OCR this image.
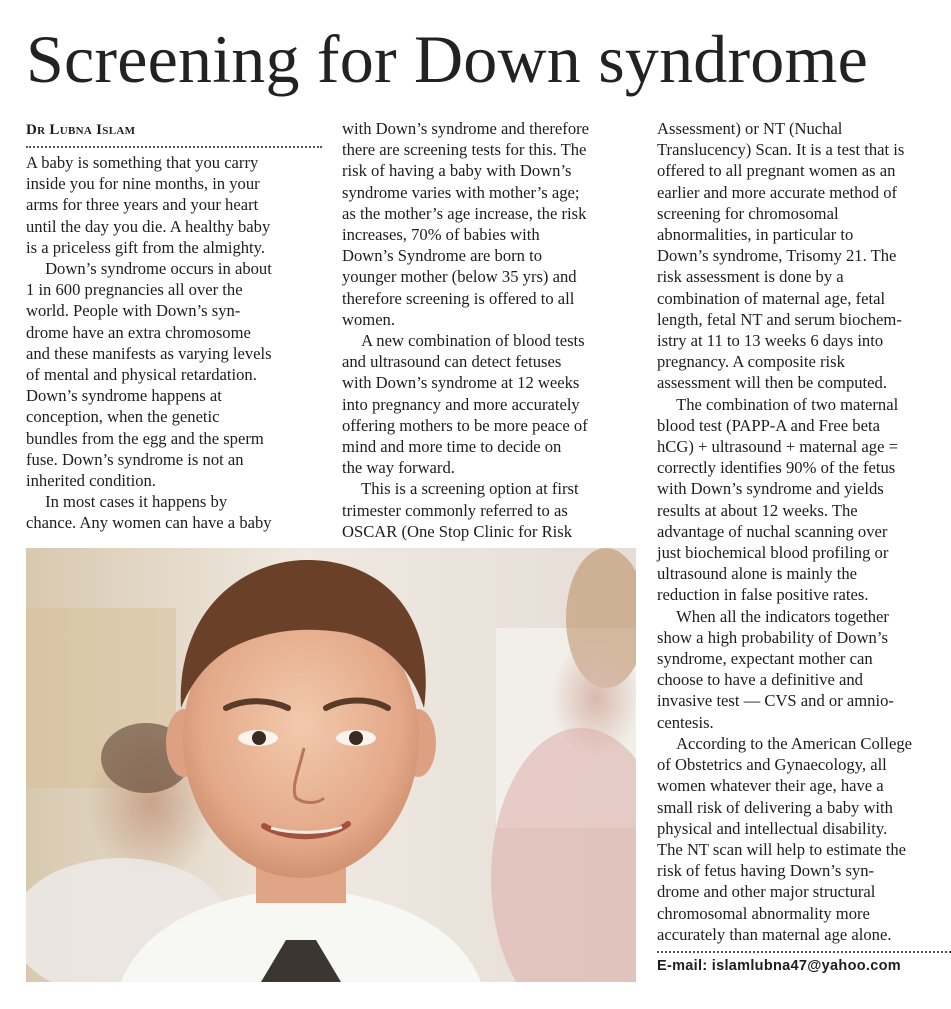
Screening for Down syndrome

Dr Lubna Islam

A baby is something that you carry

inside you for nine months, in your

arms for three years and your heart

until the day you die. A healthy baby

is a priceless gift from the almighty.

Down’s syndrome occurs in about

1 in 600 pregnancies all over the

world. People with Down’s syn-

drome have an extra chromosome

and these manifests as varying levels

of mental and physical retardation.

Down’s syndrome happens at

conception, when the genetic

bundles from the egg and the sperm

fuse. Down’s syndrome is not an

inherited condition.

In most cases it happens by

chance. Any women can have a baby

with Down’s syndrome and therefore

there are screening tests for this. The

risk of having a baby with Down’s

syndrome varies with mother’s age;

as the mother’s age increase, the risk

increases, 70% of babies with

Down’s Syndrome are born to

younger mother (below 35 yrs) and

therefore screening is offered to all

women.

A new combination of blood tests

and ultrasound can detect fetuses

with Down’s syndrome at 12 weeks

into pregnancy and more accurately

offering mothers to be more peace of

mind and more time to decide on

the way forward.

This is a screening option at first

trimester commonly referred to as

OSCAR (One Stop Clinic for Risk

Assessment) or NT (Nuchal

Translucency) Scan. It is a test that is

offered to all pregnant women as an

earlier and more accurate method of

screening for chromosomal

abnormalities, in particular to

Down’s syndrome, Trisomy 21. The

risk assessment is done by a

combination of maternal age, fetal

length, fetal NT and serum biochem-

istry at 11 to 13 weeks 6 days into

pregnancy. A composite risk

assessment will then be computed.

The combination of two maternal

blood test (PAPP-A and Free beta

hCG) + ultrasound + maternal age =

correctly identifies 90% of the fetus

with Down’s syndrome and yields

results at about 12 weeks. The

advantage of nuchal scanning over

just biochemical blood profiling or

ultrasound alone is mainly the

reduction in false positive rates.

When all the indicators together

show a high probability of Down’s

syndrome, expectant mother can

choose to have a definitive and

invasive test — CVS and or amnio-

centesis.

According to the American College

of Obstetrics and Gynaecology, all

women whatever their age, have a

small risk of delivering a baby with

physical and intellectual disability.

The NT scan will help to estimate the

risk of fetus having Down’s syn-

drome and other major structural

chromosomal abnormality more

accurately than maternal age alone.

E-mail: islamlubna47@yahoo.com
